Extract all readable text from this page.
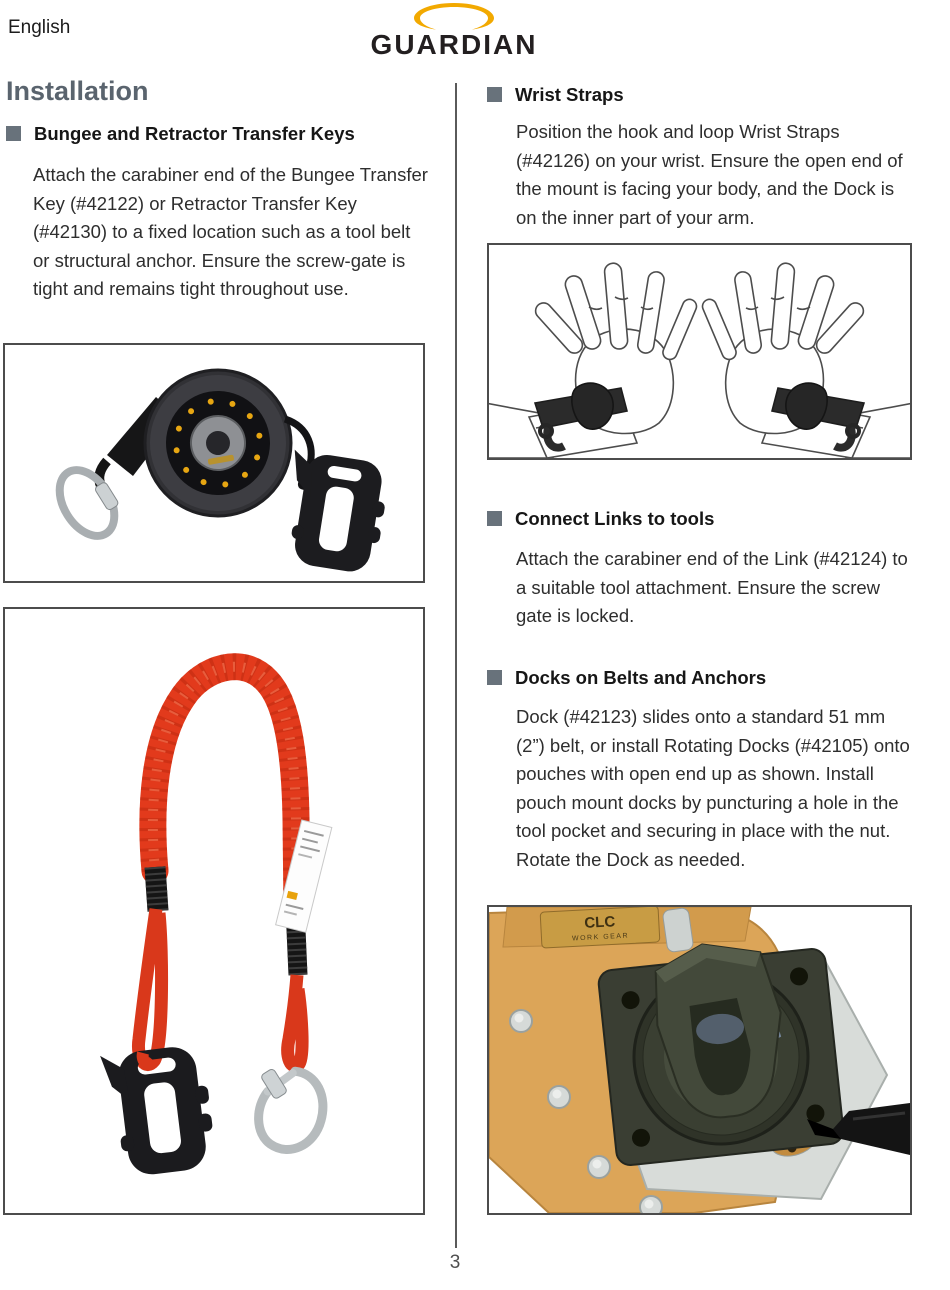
English
GUARDIAN
Installation
Bungee and Retractor Transfer Keys

Attach the carabiner end of the Bungee Transfer Key (#42122) or Retractor Transfer Key (#42130) to a fixed location such as a tool belt or structural anchor. Ensure the screw-gate is tight and remains tight throughout use.

Wrist Straps

Position the hook and loop Wrist Straps (#42126) on your wrist. Ensure the open end of the mount is facing your body, and the Dock is on the inner part of your arm.

Connect Links to tools

Attach the carabiner end of the Link (#42124) to a suitable tool attachment. Ensure the screw gate is locked.

Docks on Belts and Anchors

Dock (#42123) slides onto a standard 51 mm (2”) belt, or install Rotating Docks (#42105) onto pouches with open end up as shown. Install pouch mount docks by puncturing a hole in the tool pocket and securing in place with the nut. Rotate the Dock as needed.

CLC
WORK GEAR
3
